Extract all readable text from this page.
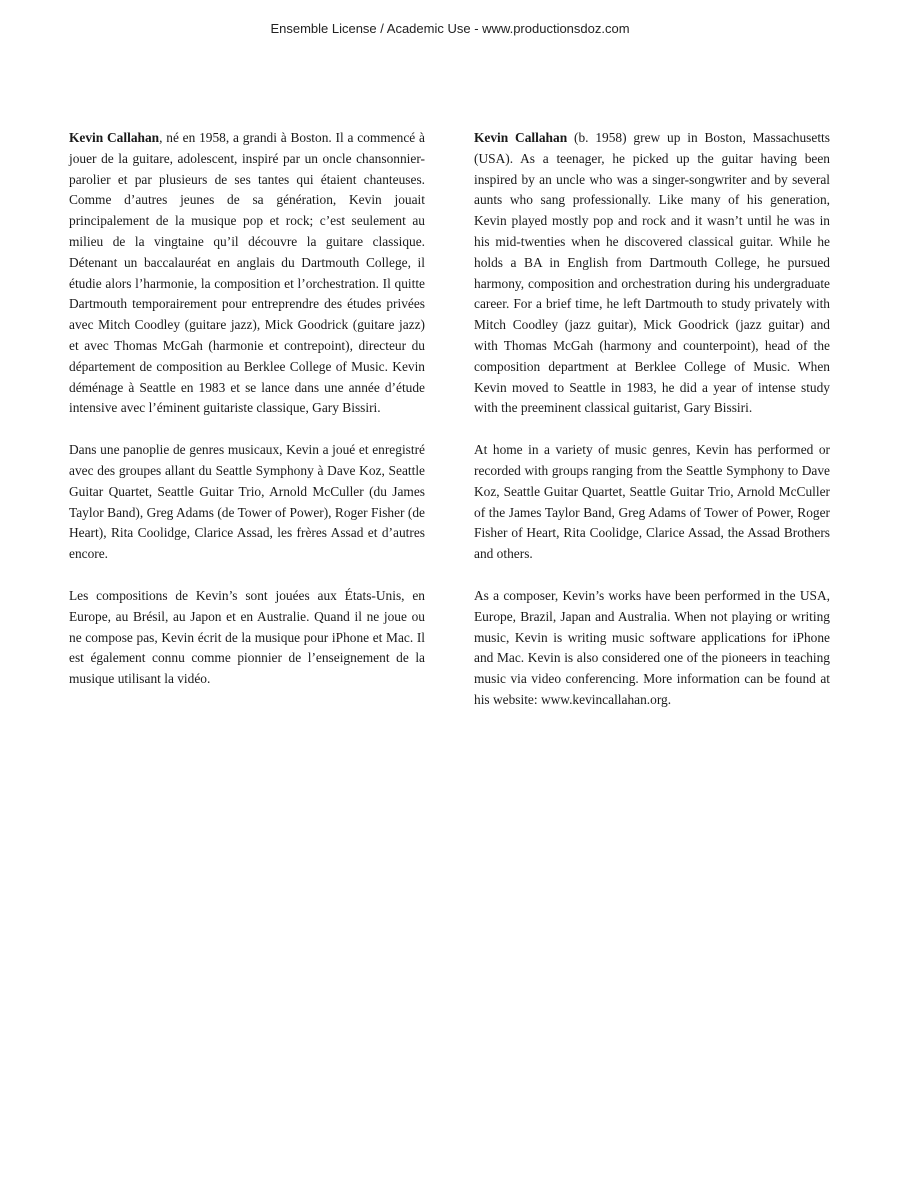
Ensemble License / Academic Use - www.productionsdoz.com

Kevin Callahan, né en 1958, a grandi à Boston. Il a commencé à jouer de la guitare, adolescent, inspiré par un oncle chansonnier-parolier et par plusieurs de ses tantes qui étaient chanteuses. Comme d’autres jeunes de sa génération, Kevin jouait principalement de la musique pop et rock; c’est seulement au milieu de la vingtaine qu’il découvre la guitare classique. Détenant un baccalauréat en anglais du Dartmouth College, il étudie alors l’harmonie, la composition et l’orchestration. Il quitte Dartmouth temporairement pour entreprendre des études privées avec Mitch Coodley (guitare jazz), Mick Goodrick (guitare jazz) et avec Thomas McGah (harmonie et contrepoint), directeur du département de composition au Berklee College of Music. Kevin déménage à Seattle en 1983 et se lance dans une année d’étude intensive avec l’éminent guitariste classique, Gary Bissiri.

Dans une panoplie de genres musicaux, Kevin a joué et enregistré avec des groupes allant du Seattle Symphony à Dave Koz, Seattle Guitar Quartet, Seattle Guitar Trio, Arnold McCuller (du James Taylor Band), Greg Adams (de Tower of Power), Roger Fisher (de Heart), Rita Coolidge, Clarice Assad, les frères Assad et d’autres encore.

Les compositions de Kevin’s sont jouées aux États-Unis, en Europe, au Brésil, au Japon et en Australie. Quand il ne joue ou ne compose pas, Kevin écrit de la musique pour iPhone et Mac. Il est également connu comme pionnier de l’enseignement de la musique utilisant la vidéo.

Kevin Callahan (b. 1958) grew up in Boston, Massachusetts (USA). As a teenager, he picked up the guitar having been inspired by an uncle who was a singer-songwriter and by several aunts who sang professionally. Like many of his generation, Kevin played mostly pop and rock and it wasn’t until he was in his mid-twenties when he discovered classical guitar. While he holds a BA in English from Dartmouth College, he pursued harmony, composition and orchestration during his undergraduate career. For a brief time, he left Dartmouth to study privately with Mitch Coodley (jazz guitar), Mick Goodrick (jazz guitar) and with Thomas McGah (harmony and counterpoint), head of the composition department at Berklee College of Music. When Kevin moved to Seattle in 1983, he did a year of intense study with the preeminent classical guitarist, Gary Bissiri.

At home in a variety of music genres, Kevin has performed or recorded with groups ranging from the Seattle Symphony to Dave Koz, Seattle Guitar Quartet, Seattle Guitar Trio, Arnold McCuller of the James Taylor Band, Greg Adams of Tower of Power, Roger Fisher of Heart, Rita Coolidge, Clarice Assad, the Assad Brothers and others.

As a composer, Kevin’s works have been performed in the USA, Europe, Brazil, Japan and Australia. When not playing or writing music, Kevin is writing music software applications for iPhone and Mac. Kevin is also considered one of the pioneers in teaching music via video conferencing. More information can be found at his website: www.kevincallahan.org.
